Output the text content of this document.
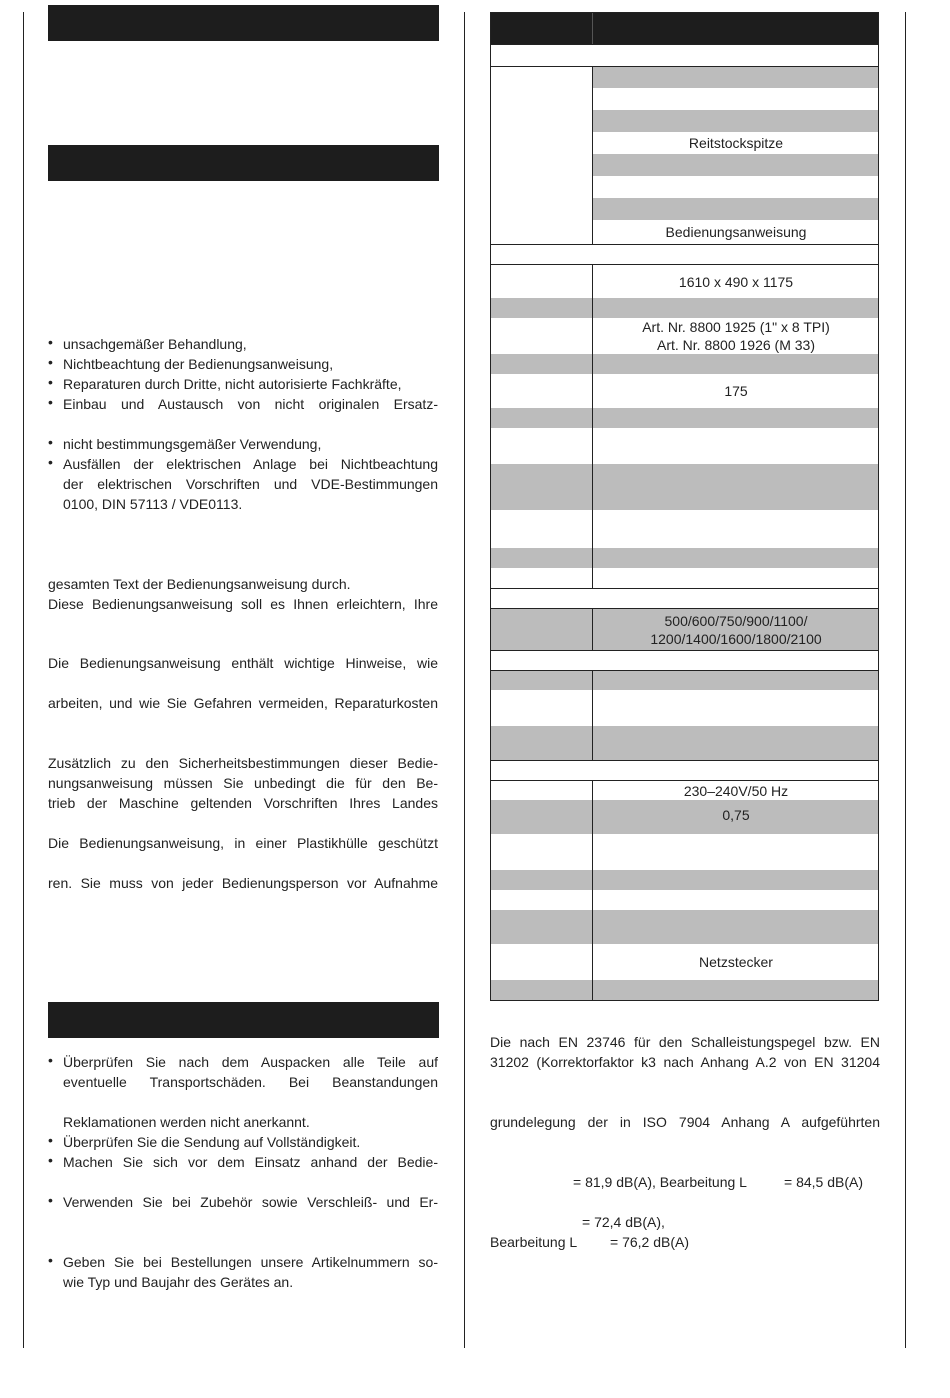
• unsachgemäßer Behandlung,
• Nichtbeachtung der Bedienungsanweisung,
• Reparaturen durch Dritte, nicht autorisierte Fachkräfte,
• Einbau und Austausch von nicht originalen Ersatz-
• nicht bestimmungsgemäßer Verwendung,
• Ausfällen der elektrischen Anlage bei Nichtbeachtung
der elektrischen Vorschriften und VDE-Bestimmungen
0100, DIN 57113 / VDE0113.
gesamten Text der Bedienungsanweisung durch.
Diese Bedienungsanweisung soll es Ihnen erleichtern, Ihre
Die Bedienungsanweisung enthält wichtige Hinweise, wie
arbeiten, und wie Sie Gefahren vermeiden, Reparaturkosten
Zusätzlich zu den Sicherheitsbestimmungen dieser Bedie-
nungsanweisung müssen Sie unbedingt die für den Be-
trieb der Maschine geltenden Vorschriften Ihres Landes
Die Bedienungsanweisung, in einer Plastikhülle geschützt
ren. Sie muss von jeder Bedienungsperson vor Aufnahme
• Überprüfen Sie nach dem Auspacken alle Teile auf
eventuelle Transportschäden. Bei Beanstandungen
Reklamationen werden nicht anerkannt.
• Überprüfen Sie die Sendung auf Vollständigkeit.
• Machen Sie sich vor dem Einsatz anhand der Bedie-
• Verwenden Sie bei Zubehör sowie Verschleiß- und Er-
• Geben Sie bei Bestellungen unsere Artikelnummern so-
wie Typ und Baujahr des Gerätes an.
Reitstockspitze
Bedienungsanweisung
1610 x 490 x 1175
Art. Nr. 8800 1925 (1" x 8 TPI)
Art. Nr. 8800 1926 (M 33)
175
500/600/750/900/1100/
1200/1400/1600/1800/2100
230–240V/50 Hz
0,75
Netzstecker
Die nach EN 23746 für den Schalleistungspegel bzw. EN
31202 (Korrektorfaktor k3 nach Anhang A.2 von EN 31204
grundelegung der in ISO 7904 Anhang A aufgeführten
= 81,9 dB(A), Bearbeitung L	= 84,5 dB(A)
= 72,4 dB(A),
Bearbeitung L	= 76,2 dB(A)
